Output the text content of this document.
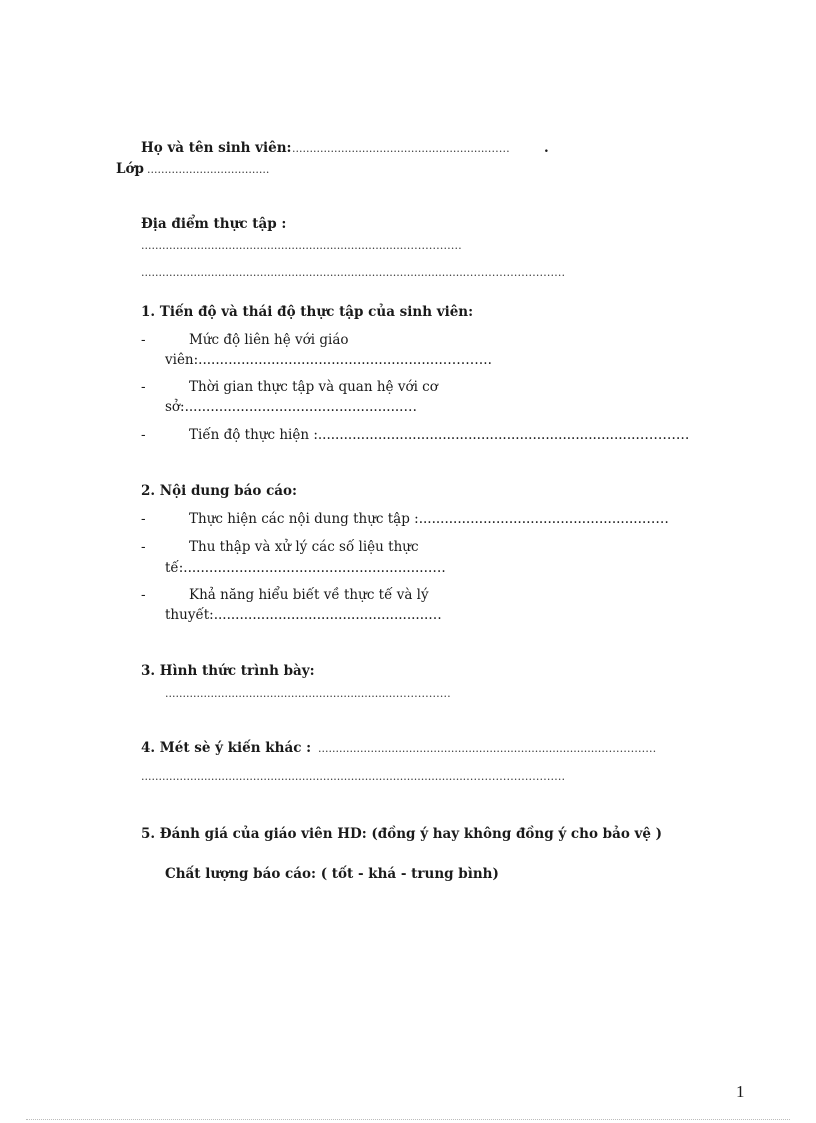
Họ và tên sinh viên: ........................................................……	.
Lớp ...................................
Địa điểm thực tập :
............................................................................……………
.............................................................................................………………………
1. Tiến độ và thái độ thực tập của sinh viên:
-	Mức độ liên hệ với giáo
viên:.........................................................………..
-	Thời gian thực tập và quan hệ với cơ
sở:...................................................…
-	Tiến độ thực hiện :..........................................................................…………
2. Nội dung báo cáo:
-	Thực hiện các nội dung thực tập :....................................................……
-	Thu thập và xử lý các số liệu thực
tế:.........................................................….
-	Khả năng hiểu biết về thực tế và lý
thuyết:..................................................…
3. Hình thức trình bày:
..................................................................……………
4. Mét sè ý kiến khác : .................................................................................……………
.............................................................................................………………………
5. Đánh giá của giáo viên HD: (đồng ý hay không đồng ý cho bảo vệ )
Chất lượng báo cáo: ( tốt - khá - trung bình)
1
